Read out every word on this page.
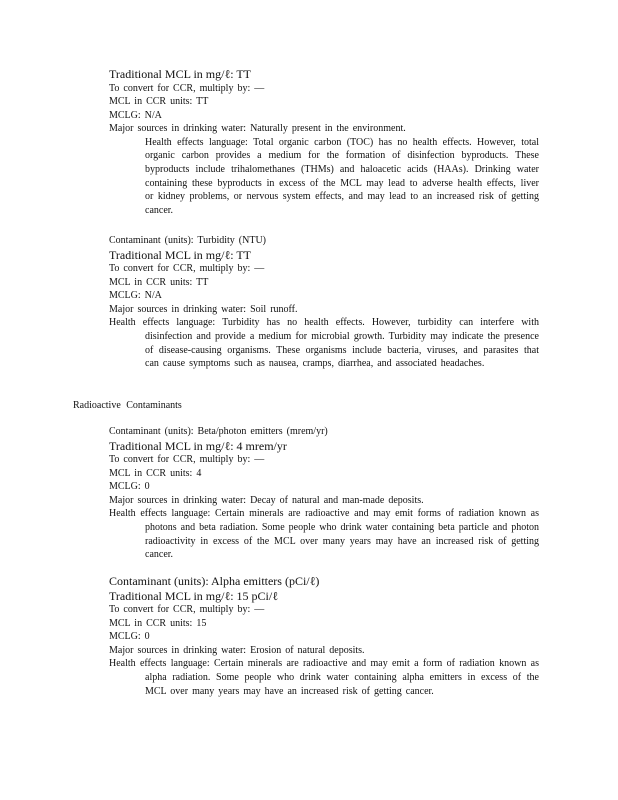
Traditional MCL in mg/ℓ: TT
To convert for CCR, multiply by: —
MCL in CCR units: TT
MCLG: N/A
Major sources in drinking water: Naturally present in the environment.
Health effects language: Total organic carbon (TOC) has no health effects. However, total organic carbon provides a medium for the formation of disinfection byproducts. These byproducts include trihalomethanes (THMs) and haloacetic acids (HAAs). Drinking water containing these byproducts in excess of the MCL may lead to adverse health effects, liver or kidney problems, or nervous system effects, and may lead to an increased risk of getting cancer.
Contaminant (units): Turbidity (NTU)
Traditional MCL in mg/ℓ: TT
To convert for CCR, multiply by: —
MCL in CCR units: TT
MCLG: N/A
Major sources in drinking water: Soil runoff.
Health effects language: Turbidity has no health effects. However, turbidity can interfere with disinfection and provide a medium for microbial growth. Turbidity may indicate the presence of disease-causing organisms. These organisms include bacteria, viruses, and parasites that can cause symptoms such as nausea, cramps, diarrhea, and associated headaches.
Radioactive Contaminants
Contaminant (units): Beta/photon emitters (mrem/yr)
Traditional MCL in mg/ℓ: 4 mrem/yr
To convert for CCR, multiply by: —
MCL in CCR units: 4
MCLG: 0
Major sources in drinking water: Decay of natural and man-made deposits.
Health effects language: Certain minerals are radioactive and may emit forms of radiation known as photons and beta radiation. Some people who drink water containing beta particle and photon radioactivity in excess of the MCL over many years may have an increased risk of getting cancer.
Contaminant (units): Alpha emitters (pCi/ℓ)
Traditional MCL in mg/ℓ: 15 pCi/ℓ
To convert for CCR, multiply by: —
MCL in CCR units: 15
MCLG: 0
Major sources in drinking water: Erosion of natural deposits.
Health effects language: Certain minerals are radioactive and may emit a form of radiation known as alpha radiation. Some people who drink water containing alpha emitters in excess of the MCL over many years may have an increased risk of getting cancer.
